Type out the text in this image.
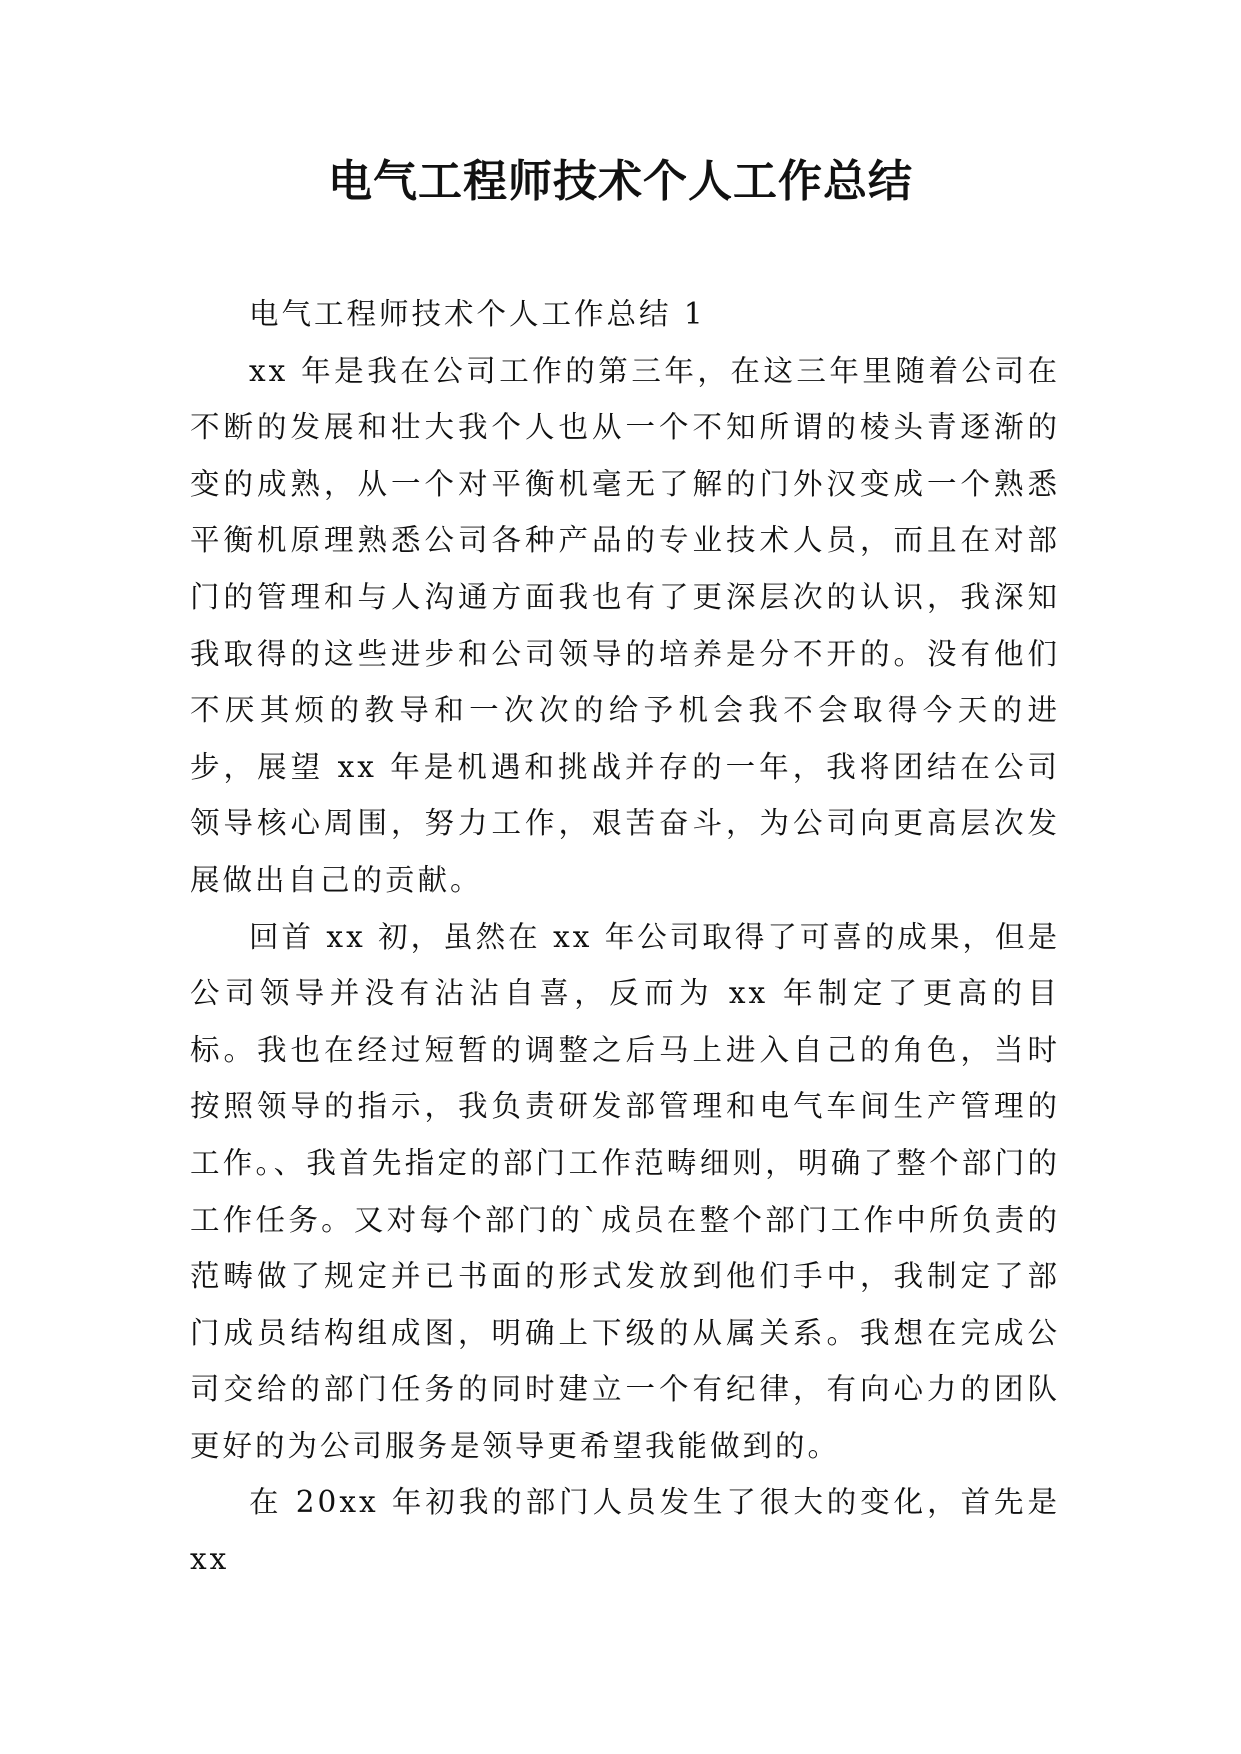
电气工程师技术个人工作总结

电气工程师技术个人工作总结 1

xx 年是我在公司工作的第三年，在这三年里随着公司在不断的发展和壮大我个人也从一个不知所谓的棱头青逐渐的变的成熟，从一个对平衡机毫无了解的门外汉变成一个熟悉平衡机原理熟悉公司各种产品的专业技术人员，而且在对部门的管理和与人沟通方面我也有了更深层次的认识，我深知我取得的这些进步和公司领导的培养是分不开的。没有他们不厌其烦的教导和一次次的给予机会我不会取得今天的进步，展望 xx 年是机遇和挑战并存的一年，我将团结在公司领导核心周围，努力工作，艰苦奋斗，为公司向更高层次发展做出自己的贡献。

回首 xx 初，虽然在 xx 年公司取得了可喜的成果，但是公司领导并没有沾沾自喜，反而为 xx 年制定了更高的目标。我也在经过短暂的调整之后马上进入自己的角色，当时按照领导的指示，我负责研发部管理和电气车间生产管理的工作。、我首先指定的部门工作范畴细则，明确了整个部门的工作任务。又对每个部门的`成员在整个部门工作中所负责的范畴做了规定并已书面的形式发放到他们手中，我制定了部门成员结构组成图，明确上下级的从属关系。我想在完成公司交给的部门任务的同时建立一个有纪律，有向心力的团队更好的为公司服务是领导更希望我能做到的。

在 20xx 年初我的部门人员发生了很大的变化，首先是 xx
